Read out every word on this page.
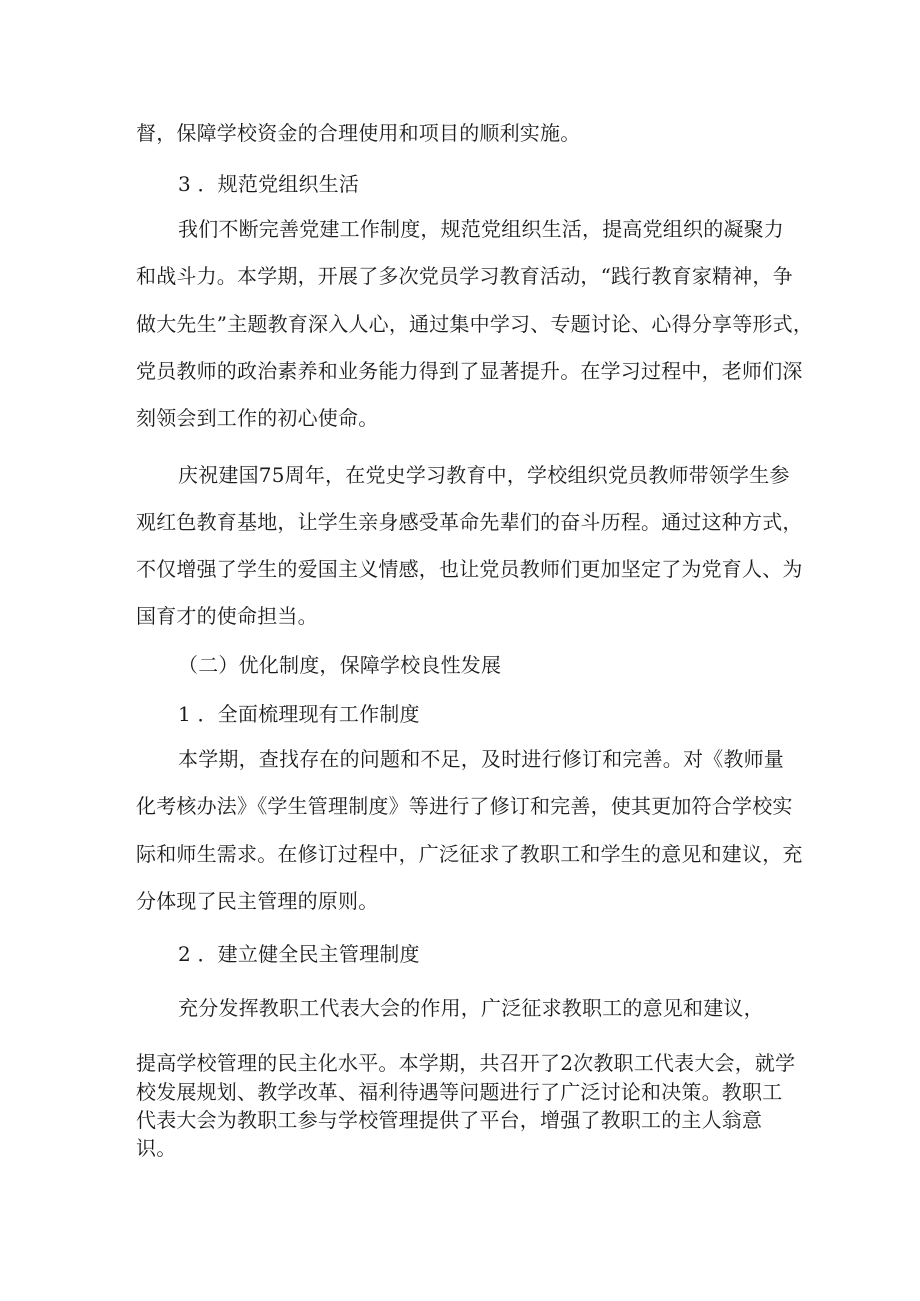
督，保障学校资金的合理使用和项目的顺利实施。
3 ．规范党组织生活
我们不断完善党建工作制度，规范党组织生活，提高党组织的凝聚力
和战斗力。本学期，开展了多次党员学习教育活动，“践行教育家精神，争
做大先生”主题教育深入人心，通过集中学习、专题讨论、心得分享等形式，
党员教师的政治素养和业务能力得到了显著提升。在学习过程中，老师们深
刻领会到工作的初心使命。
庆祝建国75周年，在党史学习教育中，学校组织党员教师带领学生参
观红色教育基地，让学生亲身感受革命先辈们的奋斗历程。通过这种方式，
不仅增强了学生的爱国主义情感，也让党员教师们更加坚定了为党育人、为
国育才的使命担当。
（二）优化制度，保障学校良性发展
1 ．全面梳理现有工作制度
本学期，查找存在的问题和不足，及时进行修订和完善。对《教师量
化考核办法》《学生管理制度》等进行了修订和完善，使其更加符合学校实
际和师生需求。在修订过程中，广泛征求了教职工和学生的意见和建议，充
分体现了民主管理的原则。
2 ．建立健全民主管理制度
充分发挥教职工代表大会的作用，广泛征求教职工的意见和建议，
提高学校管理的民主化水平。本学期，共召开了2次教职工代表大会，就学
校发展规划、教学改革、福利待遇等问题进行了广泛讨论和决策。教职工
代表大会为教职工参与学校管理提供了平台，增强了教职工的主人翁意
识。
